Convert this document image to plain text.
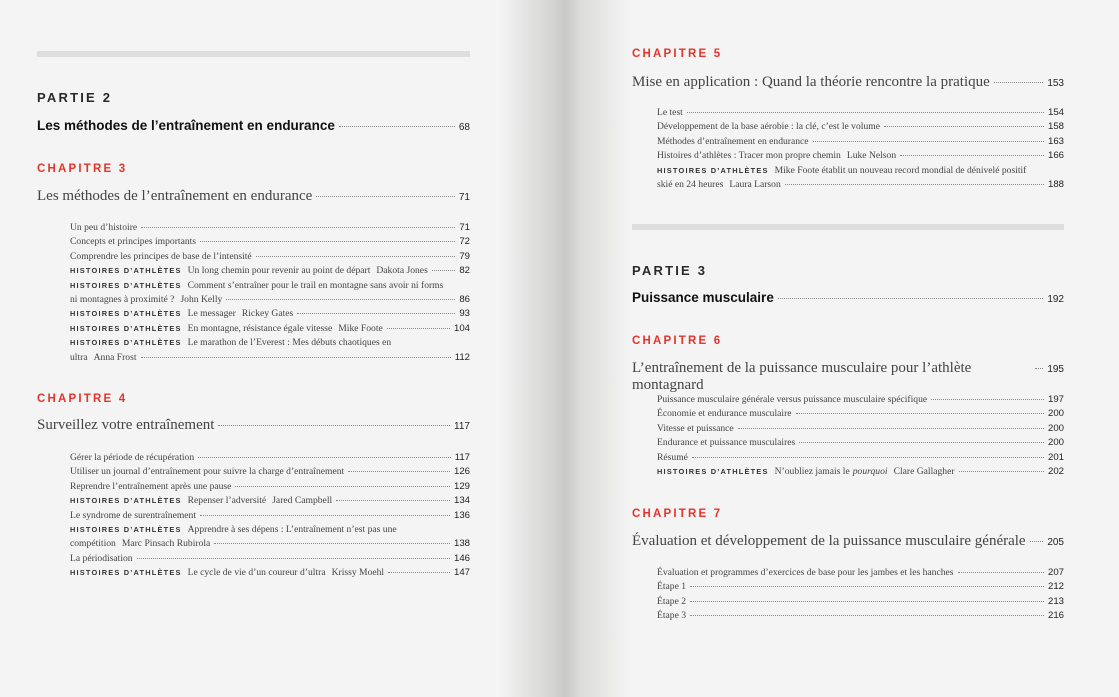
PARTIE 2
Les méthodes de l’entraînement en endurance	68
CHAPITRE 3
Les méthodes de l’entraînement en endurance	71
Un peu d’histoire	71
Concepts et principes importants	72
Comprendre les principes de base de l’intensité	79
HISTOIRES D’ATHLÈTES Un long chemin pour revenir au point de départ Dakota Jones	82
HISTOIRES D’ATHLÈTES Comment s’entraîner pour le trail en montagne sans avoir ni forms
ni montagnes à proximité ? John Kelly	86
HISTOIRES D’ATHLÈTES Le messager Rickey Gates	93
HISTOIRES D’ATHLÈTES En montagne, résistance égale vitesse Mike Foote	104
HISTOIRES D’ATHLÈTES Le marathon de l’Everest : Mes débuts chaotiques en
ultra Anna Frost	112
CHAPITRE 4
Surveillez votre entraînement	117
Gérer la période de récupération	117
Utiliser un journal d’entraînement pour suivre la charge d’entraînement	126
Reprendre l’entraînement après une pause	129
HISTOIRES D’ATHLÈTES Repenser l’adversité Jared Campbell	134
Le syndrome de surentraînement	136
HISTOIRES D’ATHLÈTES Apprendre à ses dépens : L’entraînement n’est pas une
compétition Marc Pinsach Rubirola	138
La périodisation	146
HISTOIRES D’ATHLÈTES Le cycle de vie d’un coureur d’ultra Krissy Moehl	147
CHAPITRE 5
Mise en application : Quand la théorie rencontre la pratique	153
Le test	154
Développement de la base aérobie : la clé, c’est le volume	158
Méthodes d’entraînement en endurance	163
Histoires d’athlètes : Tracer mon propre chemin Luke Nelson	166
HISTOIRES D’ATHLÈTES Mike Foote établit un nouveau record mondial de dénivelé positif
skié en 24 heures Laura Larson	188
PARTIE 3
Puissance musculaire	192
CHAPITRE 6
L’entraînement de la puissance musculaire pour l’athlète montagnard
195
Puissance musculaire générale versus puissance musculaire spécifique	197
Économie et endurance musculaire	200
Vitesse et puissance	200
Endurance et puissance musculaires	200
Résumé	201
HISTOIRES D’ATHLÈTES N’oubliez jamais le pourquoi Clare Gallagher	202
CHAPITRE 7
Évaluation et développement de la puissance musculaire générale 205
Évaluation et programmes d’exercices de base pour les jambes et les hanches	207
Étape 1	212
Étape 2	213
Étape 3	216
